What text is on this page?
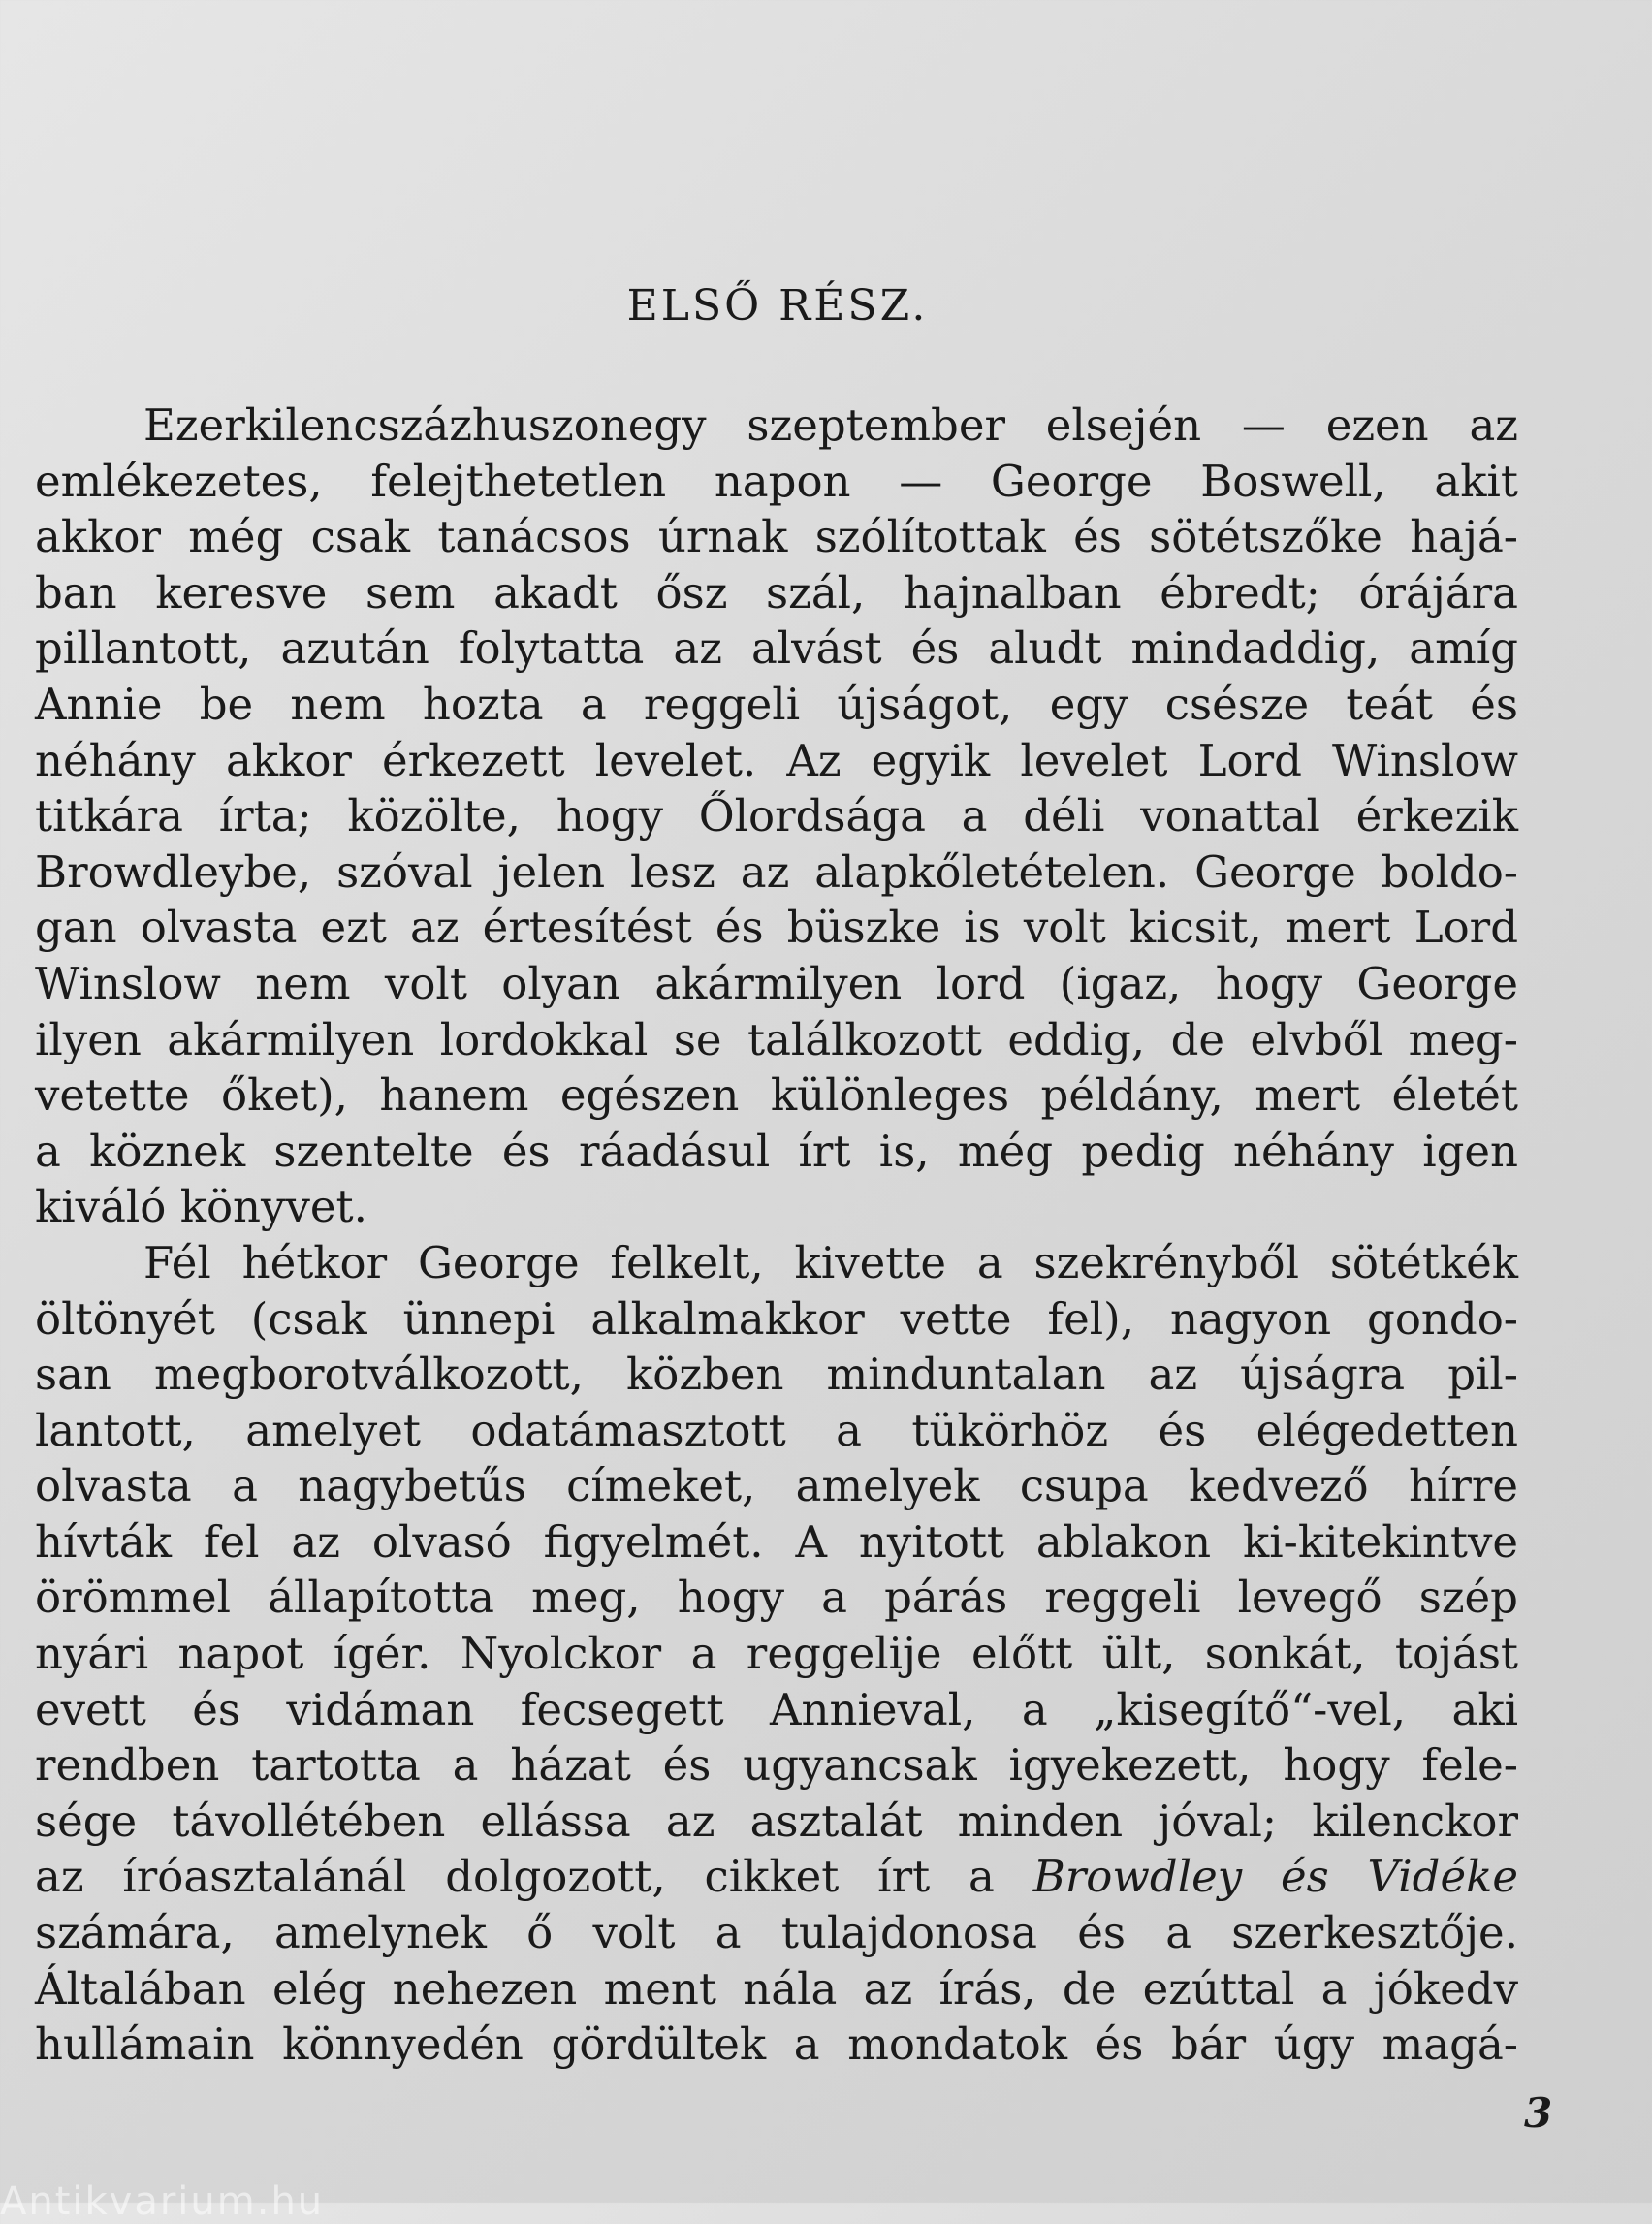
ELSŐ RÉSZ.
Ezerkilencszázhuszonegy szeptember elsején — ezen az
emlékezetes, felejthetetlen napon — George Boswell, akit
akkor még csak tanácsos úrnak szólítottak és sötétszőke hajá-
ban keresve sem akadt ősz szál, hajnalban ébredt; órájára
pillantott, azután folytatta az alvást és aludt mindaddig, amíg
Annie be nem hozta a reggeli újságot, egy csésze teát és
néhány akkor érkezett levelet. Az egyik levelet Lord Winslow
titkára írta; közölte, hogy Őlordsága a déli vonattal érkezik
Browdleybe, szóval jelen lesz az alapkőletételen. George boldo-
gan olvasta ezt az értesítést és büszke is volt kicsit, mert Lord
Winslow nem volt olyan akármilyen lord (igaz, hogy George
ilyen akármilyen lordokkal se találkozott eddig, de elvből meg-
vetette őket), hanem egészen különleges példány, mert életét
a köznek szentelte és ráadásul írt is, még pedig néhány igen
kiváló könyvet.
Fél hétkor George felkelt, kivette a szekrényből sötétkék
öltönyét (csak ünnepi alkalmakkor vette fel), nagyon gondo-
san megborotválkozott, közben minduntalan az újságra pil-
lantott, amelyet odatámasztott a tükörhöz és elégedetten
olvasta a nagybetűs címeket, amelyek csupa kedvező hírre
hívták fel az olvasó figyelmét. A nyitott ablakon ki-kitekintve
örömmel állapította meg, hogy a párás reggeli levegő szép
nyári napot ígér. Nyolckor a reggelije előtt ült, sonkát, tojást
evett és vidáman fecsegett Annieval, a „kisegítő“-vel, aki
rendben tartotta a házat és ugyancsak igyekezett, hogy fele-
sége távollétében ellássa az asztalát minden jóval; kilenckor
az íróasztalánál dolgozott, cikket írt a Browdley és Vidéke
számára, amelynek ő volt a tulajdonosa és a szerkesztője.
Általában elég nehezen ment nála az írás, de ezúttal a jókedv
hullámain könnyedén gördültek a mondatok és bár úgy magá-
3
Antikvarium.hu
